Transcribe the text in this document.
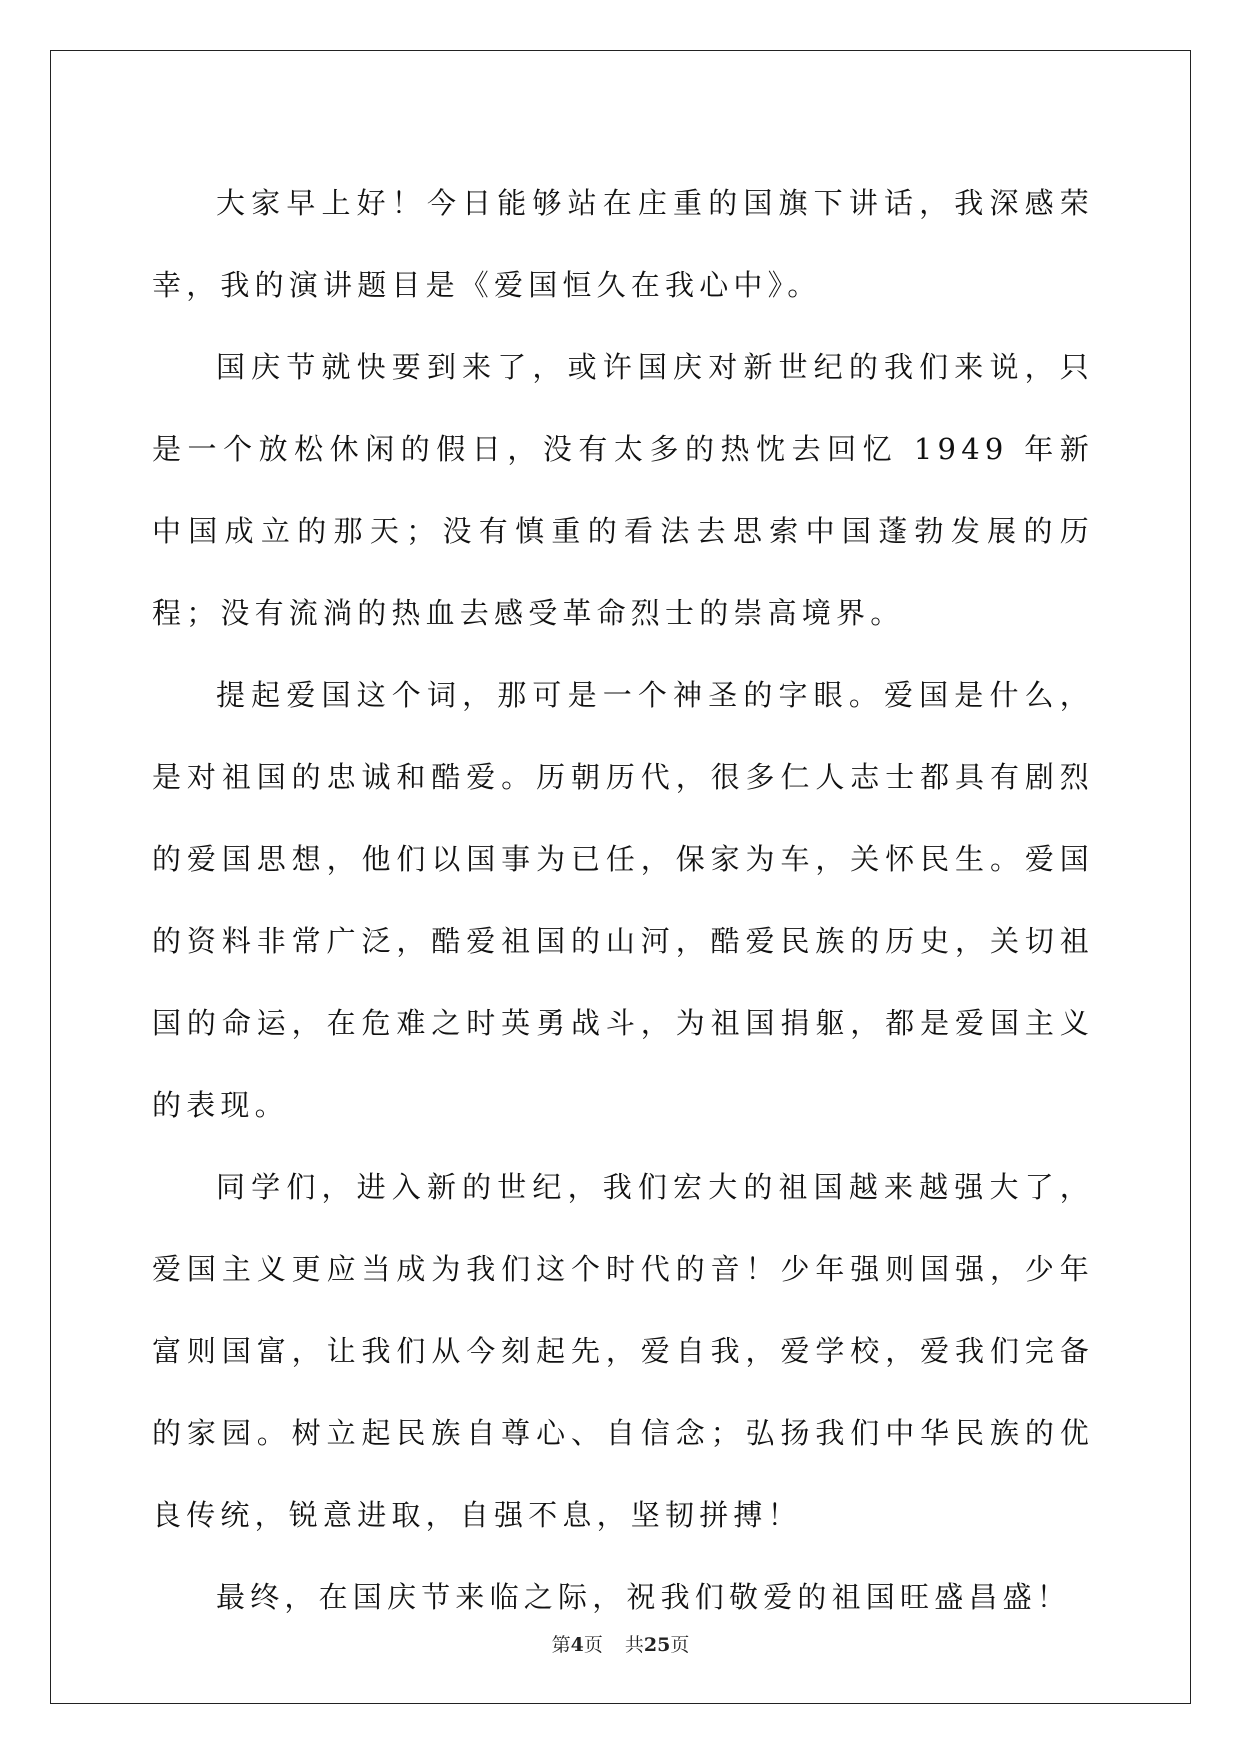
大家早上好！今日能够站在庄重的国旗下讲话，我深感荣幸，我的演讲题目是《爱国恒久在我心中》。

国庆节就快要到来了，或许国庆对新世纪的我们来说，只是一个放松休闲的假日，没有太多的热忱去回忆 1949 年新中国成立的那天；没有慎重的看法去思索中国蓬勃发展的历程；没有流淌的热血去感受革命烈士的崇高境界。

提起爱国这个词，那可是一个神圣的字眼。爱国是什么，是对祖国的忠诚和酷爱。历朝历代，很多仁人志士都具有剧烈的爱国思想，他们以国事为已任，保家为车，关怀民生。爱国的资料非常广泛，酷爱祖国的山河，酷爱民族的历史，关切祖国的命运，在危难之时英勇战斗，为祖国捐躯，都是爱国主义的表现。

同学们，进入新的世纪，我们宏大的祖国越来越强大了，爱国主义更应当成为我们这个时代的音！少年强则国强，少年富则国富，让我们从今刻起先，爱自我，爱学校，爱我们完备的家园。树立起民族自尊心、自信念；弘扬我们中华民族的优良传统，锐意进取，自强不息，坚韧拼搏！

最终，在国庆节来临之际，祝我们敬爱的祖国旺盛昌盛！

第4页 共25页
